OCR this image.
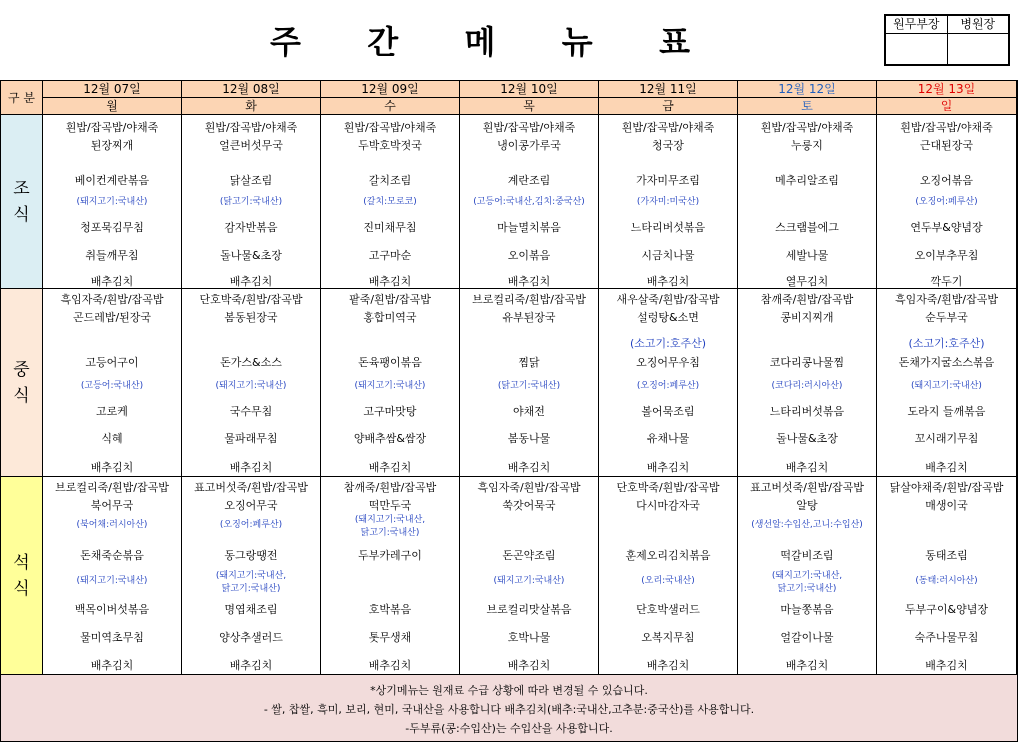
주 간 메 뉴 표	원무부장	병원장
구 분
*상기메뉴는 원재료 수급 상황에 따라 변경될 수 있습니다.
- 쌀, 찹쌀, 흑미, 보리, 현미, 국내산을 사용합니다 배추김치(배추:국내산,고추분:중국산)를 사용합니다.
-두부류(콩:수입산)는 수입산을 사용합니다.
12월 07일
월
12월 08일
화
12월 09일
수
12월 10일
목
12월 11일
금
12월 12일
토
12월 13일
일
조
식
흰밥/잡곡밥/야채죽
된장찌개
베이컨계란볶음
(돼지고기:국내산)
청포묵김무침
취들깨무침
배추김치
흰밥/잡곡밥/야채죽
얼큰버섯무국
닭살조림
(닭고기:국내산)
감자반볶음
돌나물&초장
배추김치
흰밥/잡곡밥/야채죽
두박호박젓국
갈치조림
(갈치:모로코)
진미채무침
고구마순
배추김치
흰밥/잡곡밥/야채죽
냉이콩가루국
계란조림
(고등어:국내산,김치:중국산)
마늘멸치볶음
오이볶음
배추김치
흰밥/잡곡밥/야채죽
청국장
가자미무조림
(가자미:미국산)
느타리버섯볶음
시금치나물
배추김치
흰밥/잡곡밥/야채죽
누룽지
메추리알조림
스크램블에그
세발나물
열무김치
흰밥/잡곡밥/야채죽
근대된장국
오징어볶음
(오징어:페루산)
연두부&양념장
오이부추무침
깍두기
중
식
흑임자죽/흰밥/잡곡밥
곤드레밥/된장국
고등어구이
(고등어:국내산)
고로케
식혜
배추김치
단호박죽/흰밥/잡곡밥
봄동된장국
돈가스&소스
(돼지고기:국내산)
국수무침
물파래무침
배추김치
팥죽/흰밥/잡곡밥
홍합미역국
돈육팽이볶음
(돼지고기:국내산)
고구마맛탕
양배추쌈&쌈장
배추김치
브로컬리죽/흰밥/잡곡밥
유부된장국
찜닭
(닭고기:국내산)
야채전
봄동나물
배추김치
새우살죽/흰밥/잡곡밥
설렁탕&소면
(소고기:호주산)
오징어무우침
(오징어:페루산)
볼어묵조림
유채나물
배추김치
참깨죽/흰밥/잡곡밥
콩비지찌개
코다리콩나물찜
(코다리:러시아산)
느타리버섯볶음
돌나물&초장
배추김치
흑임자죽/흰밥/잡곡밥
순두부국
(소고기:호주산)
돈채가지굴소스볶음
(돼지고기:국내산)
도라지 들깨볶음
꼬시래기무침
배추김치
석
식
브로컬리죽/흰밥/잡곡밥
북어무국
(북어채:러시아산)
돈채죽순볶음
(돼지고기:국내산)
백목이버섯볶음
물미역초무침
배추김치
표고버섯죽/흰밥/잡곡밥
오징어무국
(오징어:페루산)
동그랑땡전
(돼지고기:국내산,
닭고기:국내산)
명엽채조림
양상추샐러드
배추김치
참깨죽/흰밥/잡곡밥
떡만두국
(돼지고기:국내산,
닭고기:국내산)
두부카레구이
호박볶음
톳무생채
배추김치
흑임자죽/흰밥/잡곡밥
쑥갓어묵국
돈곤약조림
(돼지고기:국내산)
브로컬리맛살볶음
호박나물
배추김치
단호박죽/흰밥/잡곡밥
다시마감자국
훈제오리김치볶음
(오리:국내산)
단호박샐러드
오복지무침
배추김치
표고버섯죽/흰밥/잡곡밥
알탕
(생선알:수입산,고니:수입산)
떡갈비조림
(돼지고기:국내산,
닭고기:국내산)
마늘쫑볶음
얼갈이나물
배추김치
닭살야채죽/흰밥/잡곡밥
매생이국
동태조림
(동태:러시아산)
두부구이&양념장
숙주나물무침
배추김치
